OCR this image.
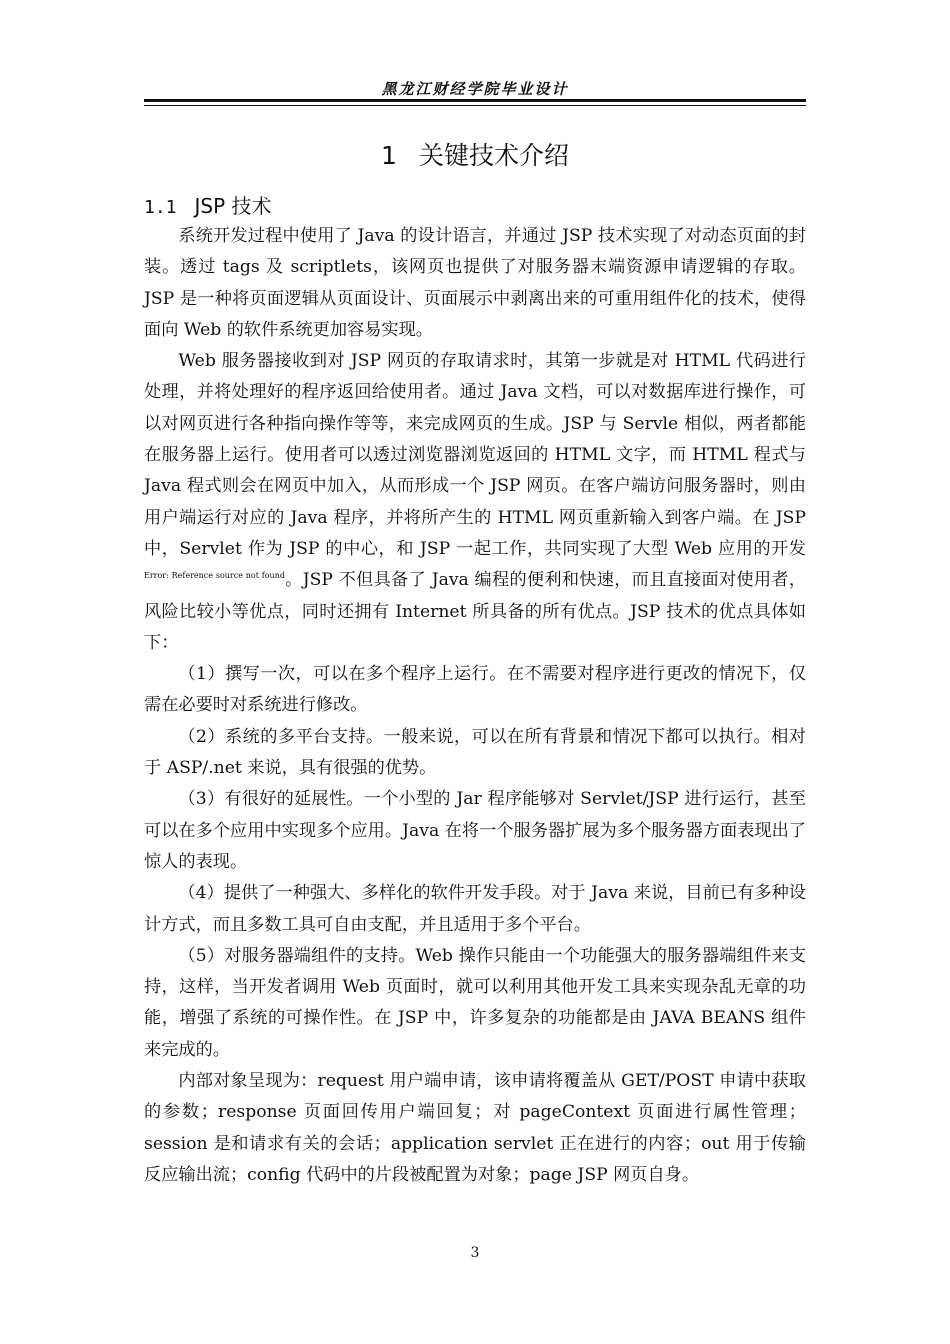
黑龙江财经学院毕业设计
1 关键技术介绍
1.1 JSP 技术

系统开发过程中使用了 Java 的设计语言，并通过 JSP 技术实现了对动态页面的封装。透过 tags 及 scriptlets，该网页也提供了对服务器末端资源申请逻辑的存取。JSP 是一种将页面逻辑从页面设计、页面展示中剥离出来的可重用组件化的技术，使得面向 Web 的软件系统更加容易实现。

Web 服务器接收到对 JSP 网页的存取请求时，其第一步就是对 HTML 代码进行处理，并将处理好的程序返回给使用者。通过 Java 文档，可以对数据库进行操作，可以对网页进行各种指向操作等等，来完成网页的生成。JSP 与 Servle 相似，两者都能在服务器上运行。使用者可以透过浏览器浏览返回的 HTML 文字，而 HTML 程式与 Java 程式则会在网页中加入，从而形成一个 JSP 网页。在客户端访问服务器时，则由用户端运行对应的 Java 程序，并将所产生的 HTML 网页重新输入到客户端。在 JSP 中，Servlet 作为 JSP 的中心，和 JSP 一起工作，共同实现了大型 Web 应用的开发$^{Error: Reference source not found}$。JSP 不但具备了 Java 编程的便利和快速，而且直接面对使用者，风险比较小等优点，同时还拥有 Internet 所具备的所有优点。JSP 技术的优点具体如下：

（1）撰写一次，可以在多个程序上运行。在不需要对程序进行更改的情况下，仅需在必要时对系统进行修改。

（2）系统的多平台支持。一般来说，可以在所有背景和情况下都可以执行。相对于 ASP/.net 来说，具有很强的优势。

（3）有很好的延展性。一个小型的 Jar 程序能够对 Servlet/JSP 进行运行，甚至可以在多个应用中实现多个应用。Java 在将一个服务器扩展为多个服务器方面表现出了惊人的表现。

（4）提供了一种强大、多样化的软件开发手段。对于 Java 来说，目前已有多种设计方式，而且多数工具可自由支配，并且适用于多个平台。

（5）对服务器端组件的支持。Web 操作只能由一个功能强大的服务器端组件来支持，这样，当开发者调用 Web 页面时，就可以利用其他开发工具来实现杂乱无章的功能，增强了系统的可操作性。在 JSP 中，许多复杂的功能都是由 JAVA BEANS 组件来完成的。

内部对象呈现为：request 用户端申请，该申请将覆盖从 GET/POST 申请中获取的参数；response 页面回传用户端回复；对 pageContext 页面进行属性管理；session 是和请求有关的会话；application servlet 正在进行的内容；out 用于传输反应输出流；config 代码中的片段被配置为对象；page JSP 网页自身。

3
